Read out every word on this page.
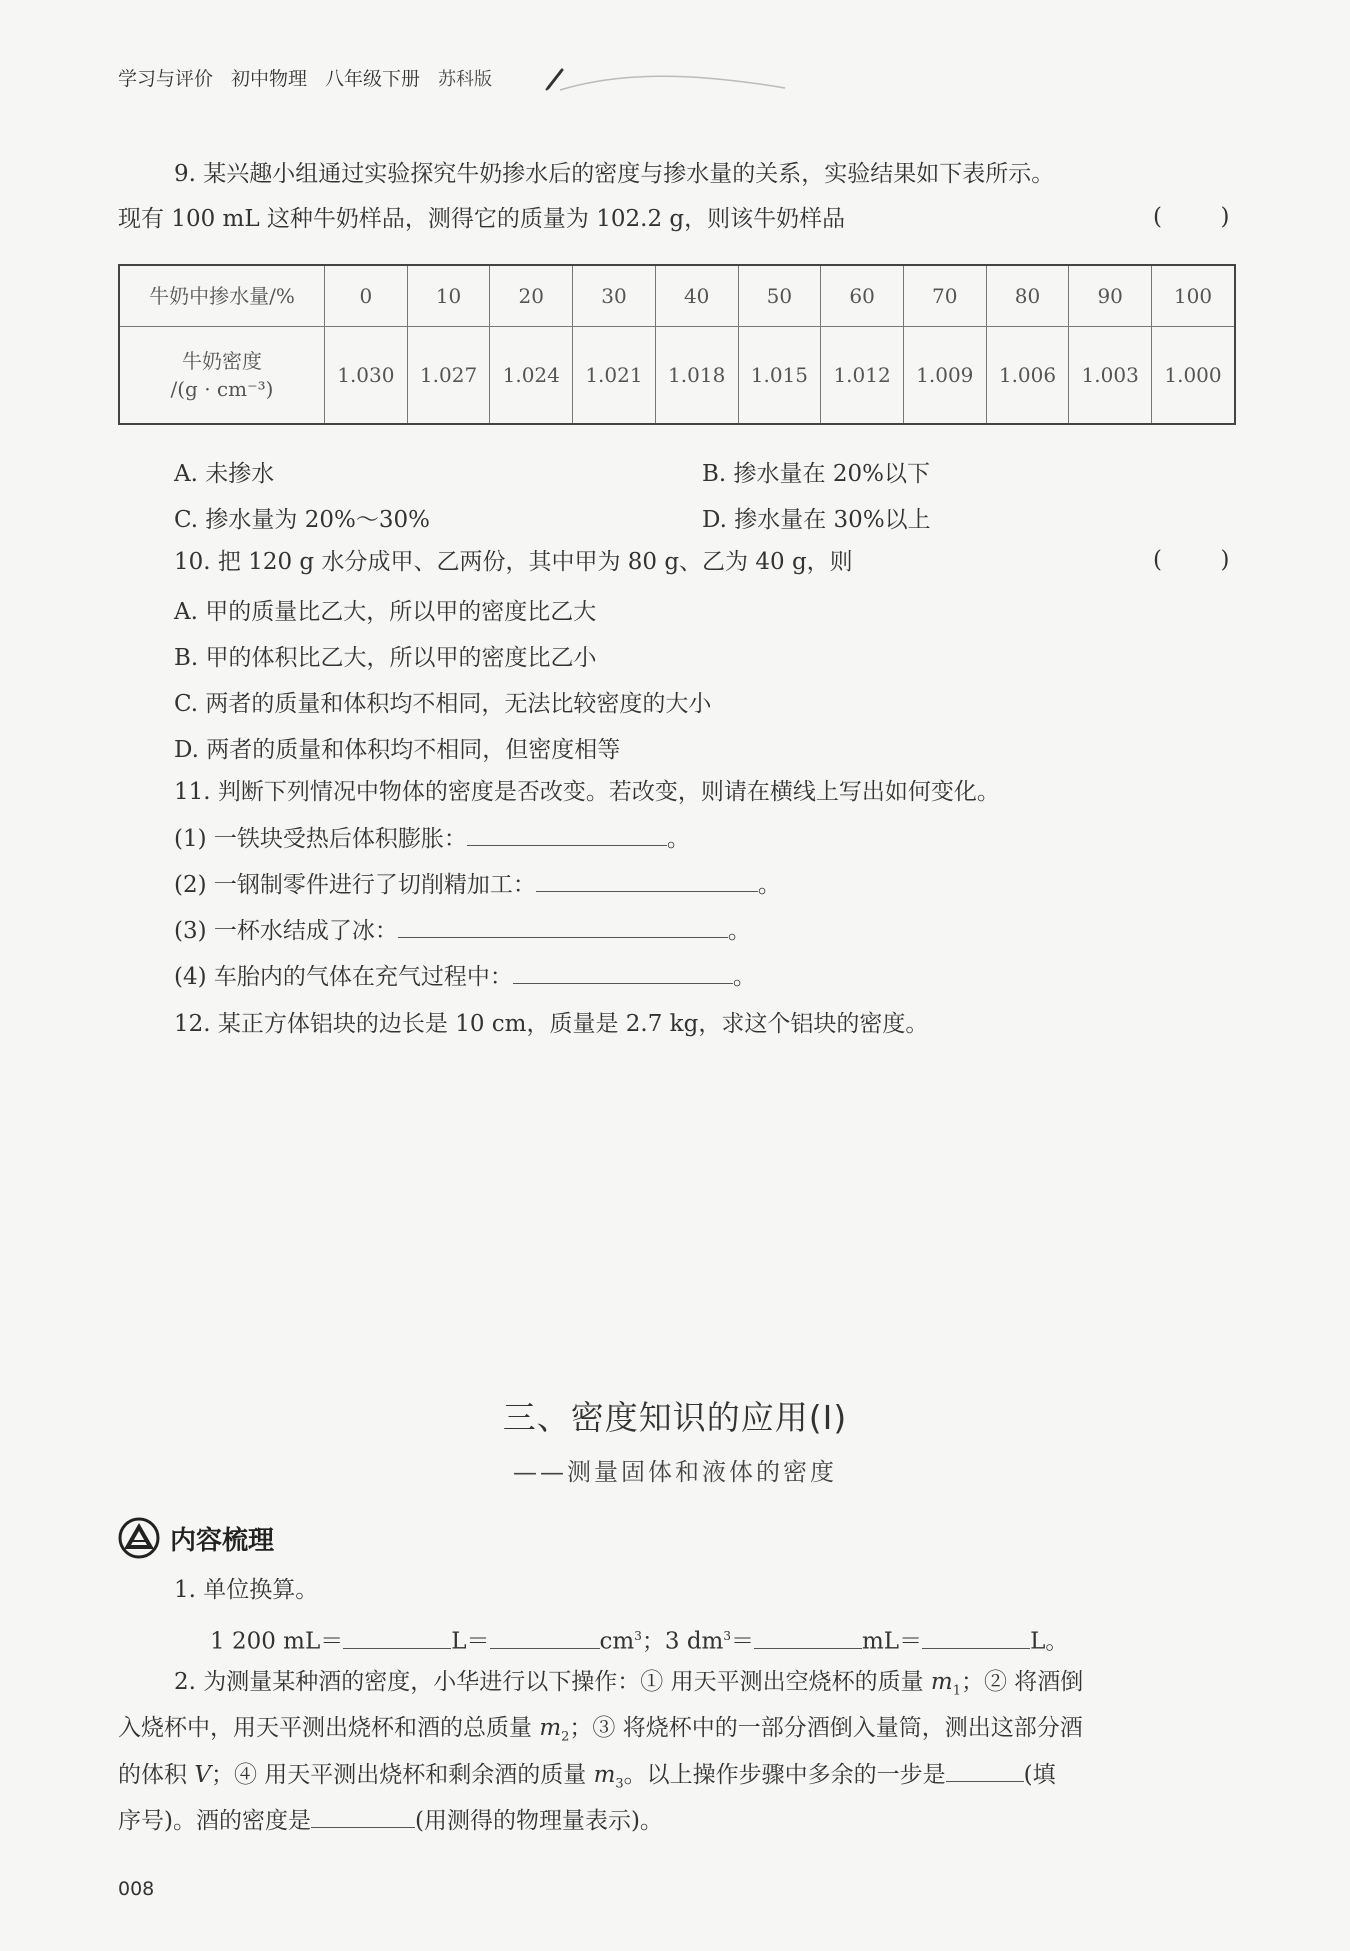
学习与评价 初中物理 八年级下册 苏科版
9. 某兴趣小组通过实验探究牛奶掺水后的密度与掺水量的关系，实验结果如下表所示。
现有 100 mL 这种牛奶样品，测得它的质量为 102.2 g，则该牛奶样品	(        )
牛奶中掺水量/%	0	10	20	30	40	50	60	70	80	90	100

牛奶密度
/(g · cm⁻³)	1.030	1.027	1.024	1.021	1.018	1.015	1.012	1.009	1.006	1.003	1.000
A. 未掺水	B. 掺水量在 20%以下
C. 掺水量为 20%～30%	D. 掺水量在 30%以上
10. 把 120 g 水分成甲、乙两份，其中甲为 80 g、乙为 40 g，则	(        )
A. 甲的质量比乙大，所以甲的密度比乙大
B. 甲的体积比乙大，所以甲的密度比乙小
C. 两者的质量和体积均不相同，无法比较密度的大小
D. 两者的质量和体积均不相同，但密度相等
11. 判断下列情况中物体的密度是否改变。若改变，则请在横线上写出如何变化。
(1) 一铁块受热后体积膨胀：	。
(2) 一钢制零件进行了切削精加工：	。
(3) 一杯水结成了冰：	。
(4) 车胎内的气体在充气过程中：	。
12. 某正方体铝块的边长是 10 cm，质量是 2.7 kg，求这个铝块的密度。
三、密度知识的应用(Ⅰ)
——测量固体和液体的密度
内容梳理
1. 单位换算。
1 200 mL＝	L＝	$cm^3$；3 $dm^3=$	mL＝	L。
2. 为测量某种酒的密度，小华进行以下操作：① 用天平测出空烧杯的质量 $m_1$；② 将酒倒
入烧杯中，用天平测出烧杯和酒的总质量 $m_2$；③ 将烧杯中的一部分酒倒入量筒，测出这部分酒
的体积 V；④ 用天平测出烧杯和剩余酒的质量 $m_3$。以上操作步骤中多余的一步是	(填
序号)。酒的密度是	(用测得的物理量表示)。
008
